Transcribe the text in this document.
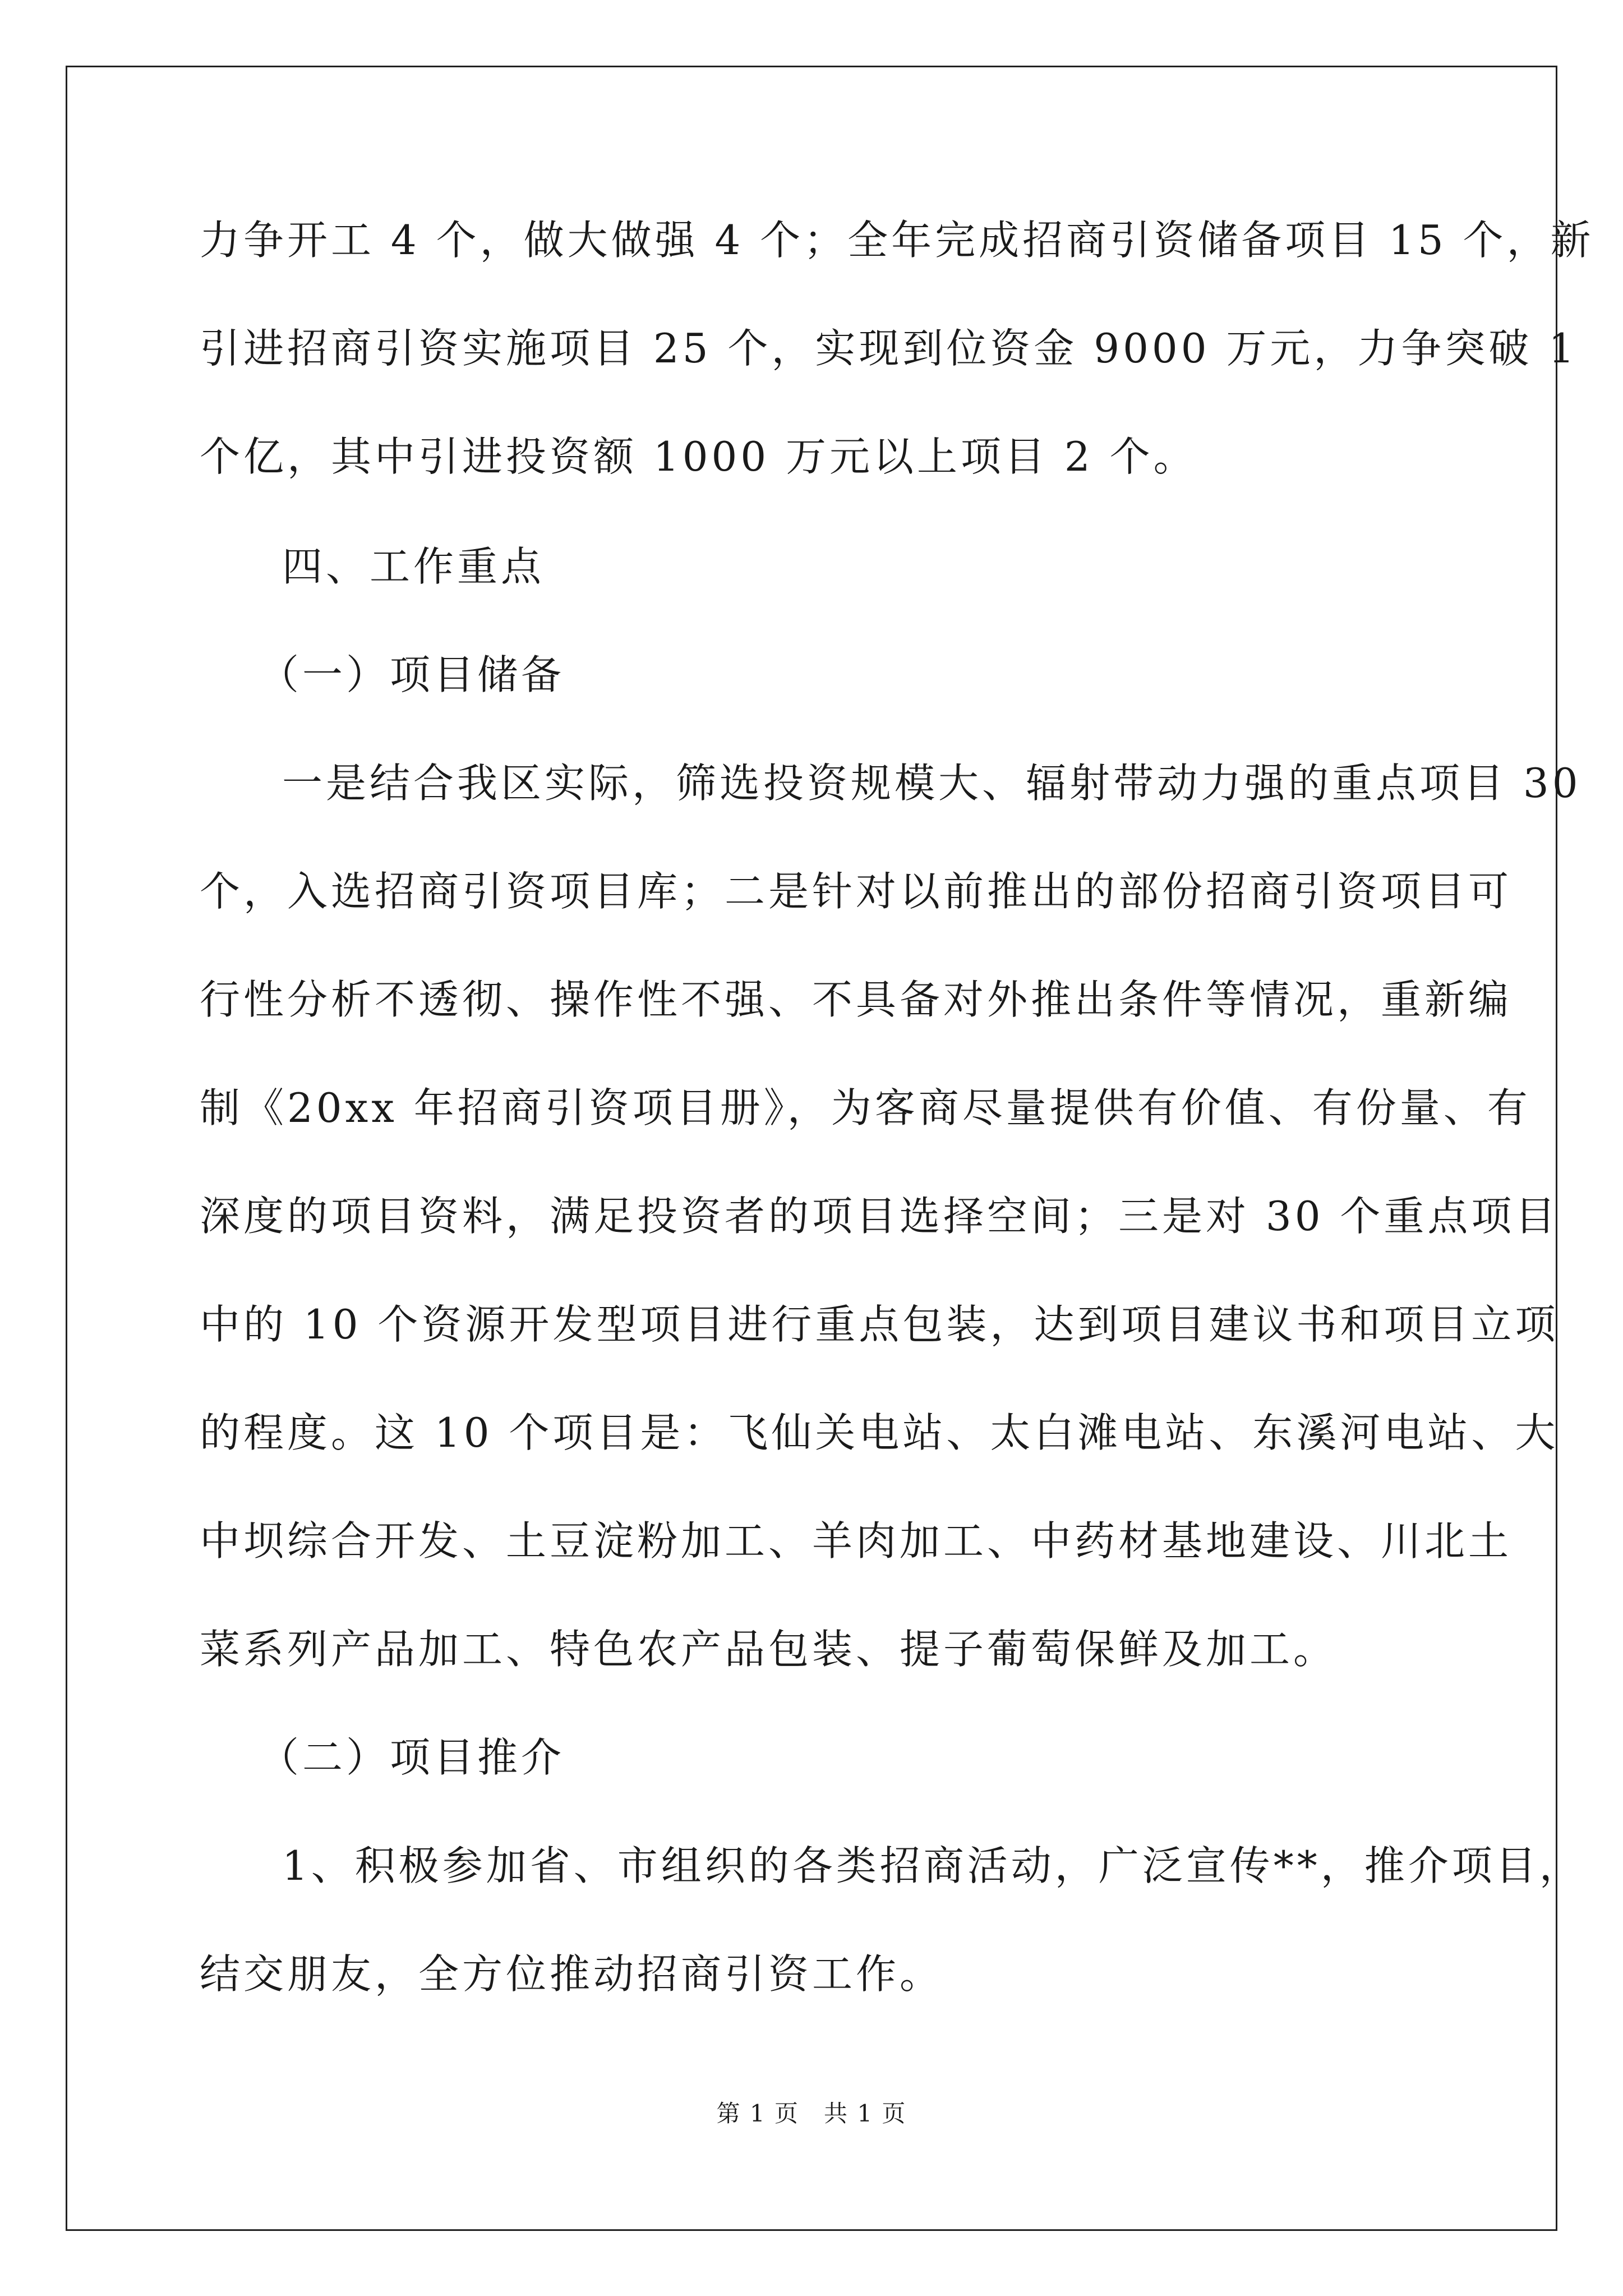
力争开工 4 个，做大做强 4 个；全年完成招商引资储备项目 15 个，新
引进招商引资实施项目 25 个，实现到位资金 9000 万元，力争突破 1
个亿，其中引进投资额 1000 万元以上项目 2 个。
四、工作重点
（一）项目储备
一是结合我区实际，筛选投资规模大、辐射带动力强的重点项目 30
个，入选招商引资项目库；二是针对以前推出的部份招商引资项目可
行性分析不透彻、操作性不强、不具备对外推出条件等情况，重新编
制《20xx 年招商引资项目册》，为客商尽量提供有价值、有份量、有
深度的项目资料，满足投资者的项目选择空间；三是对 30 个重点项目
中的 10 个资源开发型项目进行重点包装，达到项目建议书和项目立项
的程度。这 10 个项目是：飞仙关电站、太白滩电站、东溪河电站、大
中坝综合开发、土豆淀粉加工、羊肉加工、中药材基地建设、川北土
菜系列产品加工、特色农产品包装、提子葡萄保鲜及加工。
（二）项目推介
1、积极参加省、市组织的各类招商活动，广泛宣传**，推介项目，
结交朋友，全方位推动招商引资工作。
第 1 页　共 1 页
